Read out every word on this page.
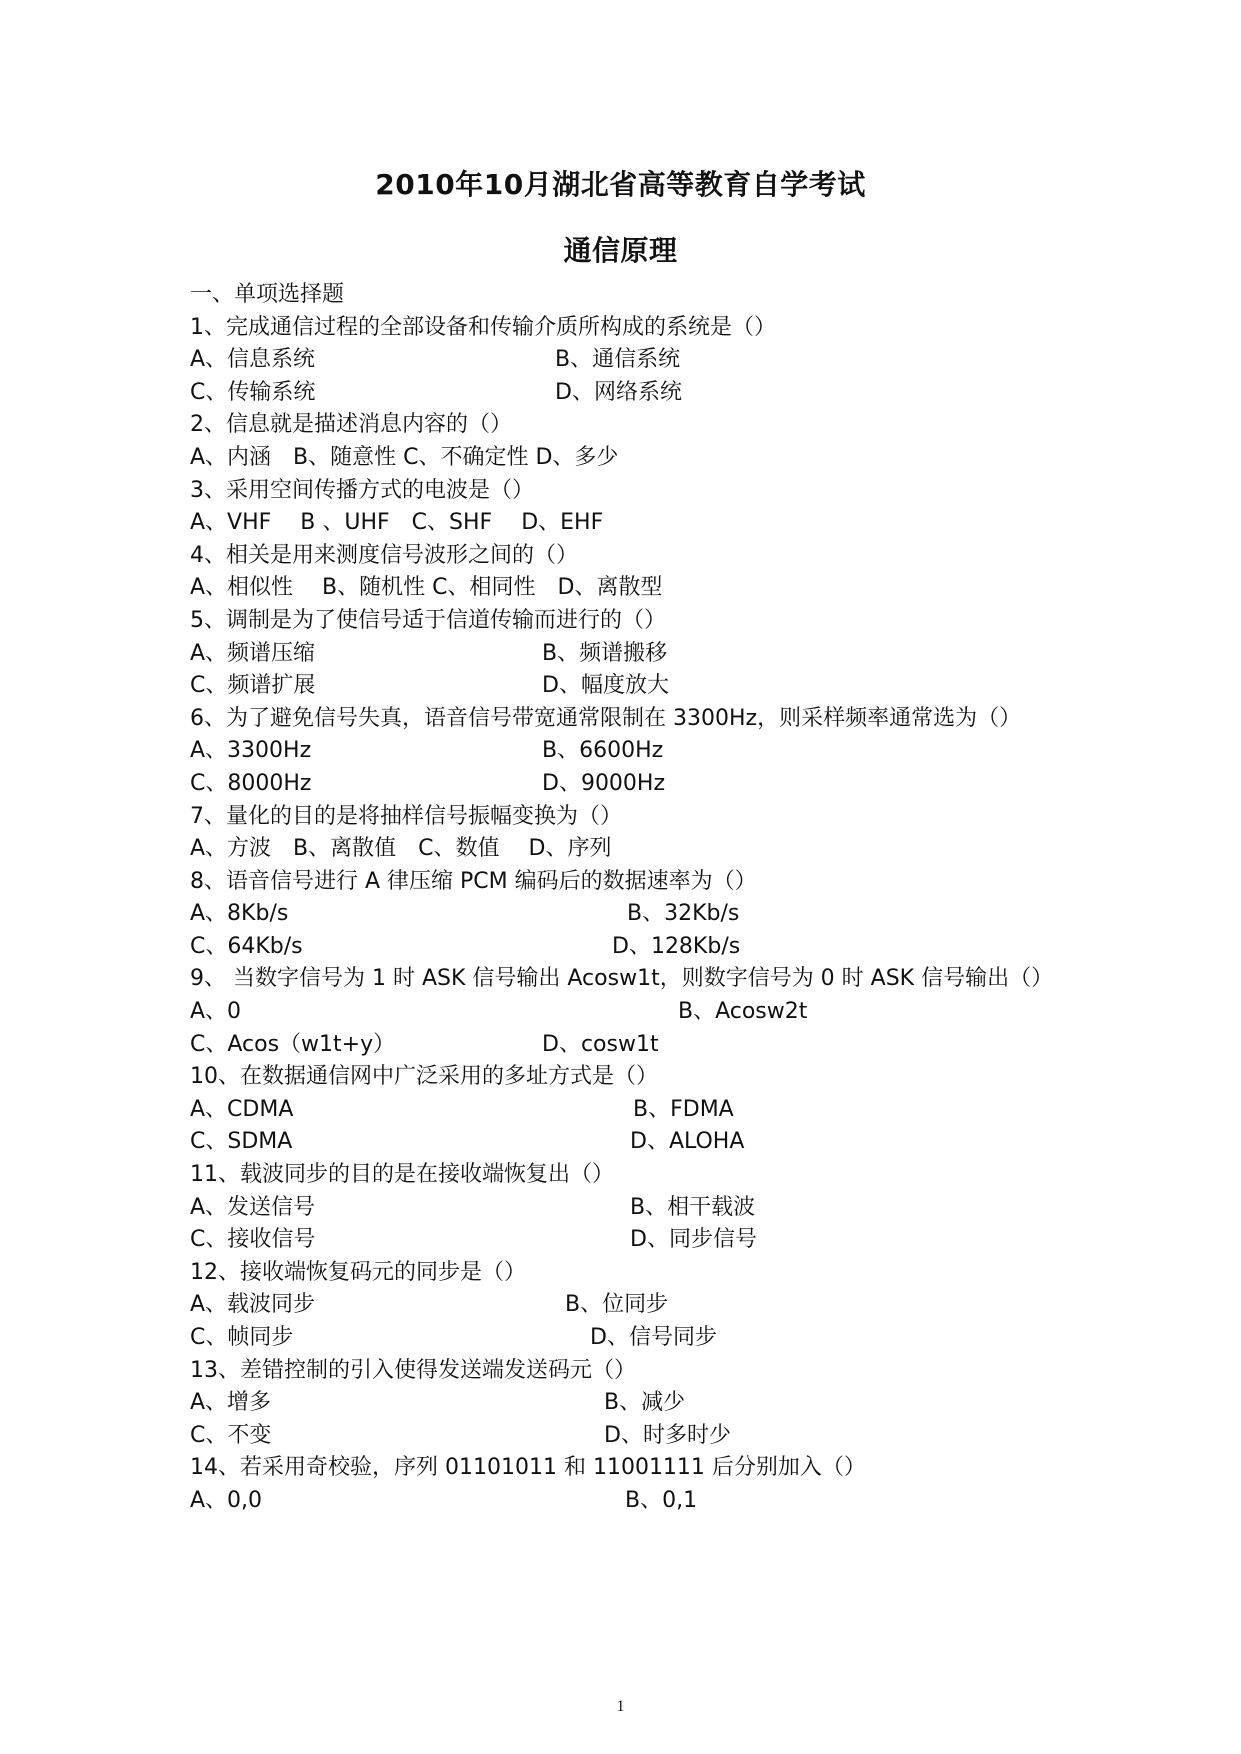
2010年10月湖北省高等教育自学考试
通信原理
一、单项选择题
1、完成通信过程的全部设备和传输介质所构成的系统是（）
A、信息系统	B、通信系统
C、传输系统	D、网络系统
2、信息就是描述消息内容的（）
A、内涵　B、随意性 C、不确定性 D、多少
3、采用空间传播方式的电波是（）
A、VHF　 B 、UHF　C、SHF　 D、EHF
4、相关是用来测度信号波形之间的（）
A、相似性　 B、随机性 C、相同性　D、离散型
5、调制是为了使信号适于信道传输而进行的（）
A、频谱压缩	B、频谱搬移
C、频谱扩展	D、幅度放大
6、为了避免信号失真，语音信号带宽通常限制在 3300Hz，则采样频率通常选为（）
A、3300Hz	B、6600Hz
C、8000Hz	D、9000Hz
7、量化的目的是将抽样信号振幅变换为（）
A、方波　B、离散值　C、数值　 D、序列
8、语音信号进行 A 律压缩 PCM 编码后的数据速率为（）
A、8Kb/s	B、32Kb/s
C、64Kb/s	D、128Kb/s
9、 当数字信号为 1 时 ASK 信号输出 Acosw1t，则数字信号为 0 时 ASK 信号输出（）
A、0	B、Acosw2t
C、Acos（w1t+y）	D、cosw1t
10、在数据通信网中广泛采用的多址方式是（）
A、CDMA	B、FDMA
C、SDMA	D、ALOHA
11、载波同步的目的是在接收端恢复出（）
A、发送信号	B、相干载波
C、接收信号	D、同步信号
12、接收端恢复码元的同步是（）
A、载波同步	B、位同步
C、帧同步	D、信号同步
13、差错控制的引入使得发送端发送码元（）
A、增多	B、减少
C、不变	D、时多时少
14、若采用奇校验，序列 01101011 和 11001111 后分别加入（）
A、0,0	B、0,1
1
